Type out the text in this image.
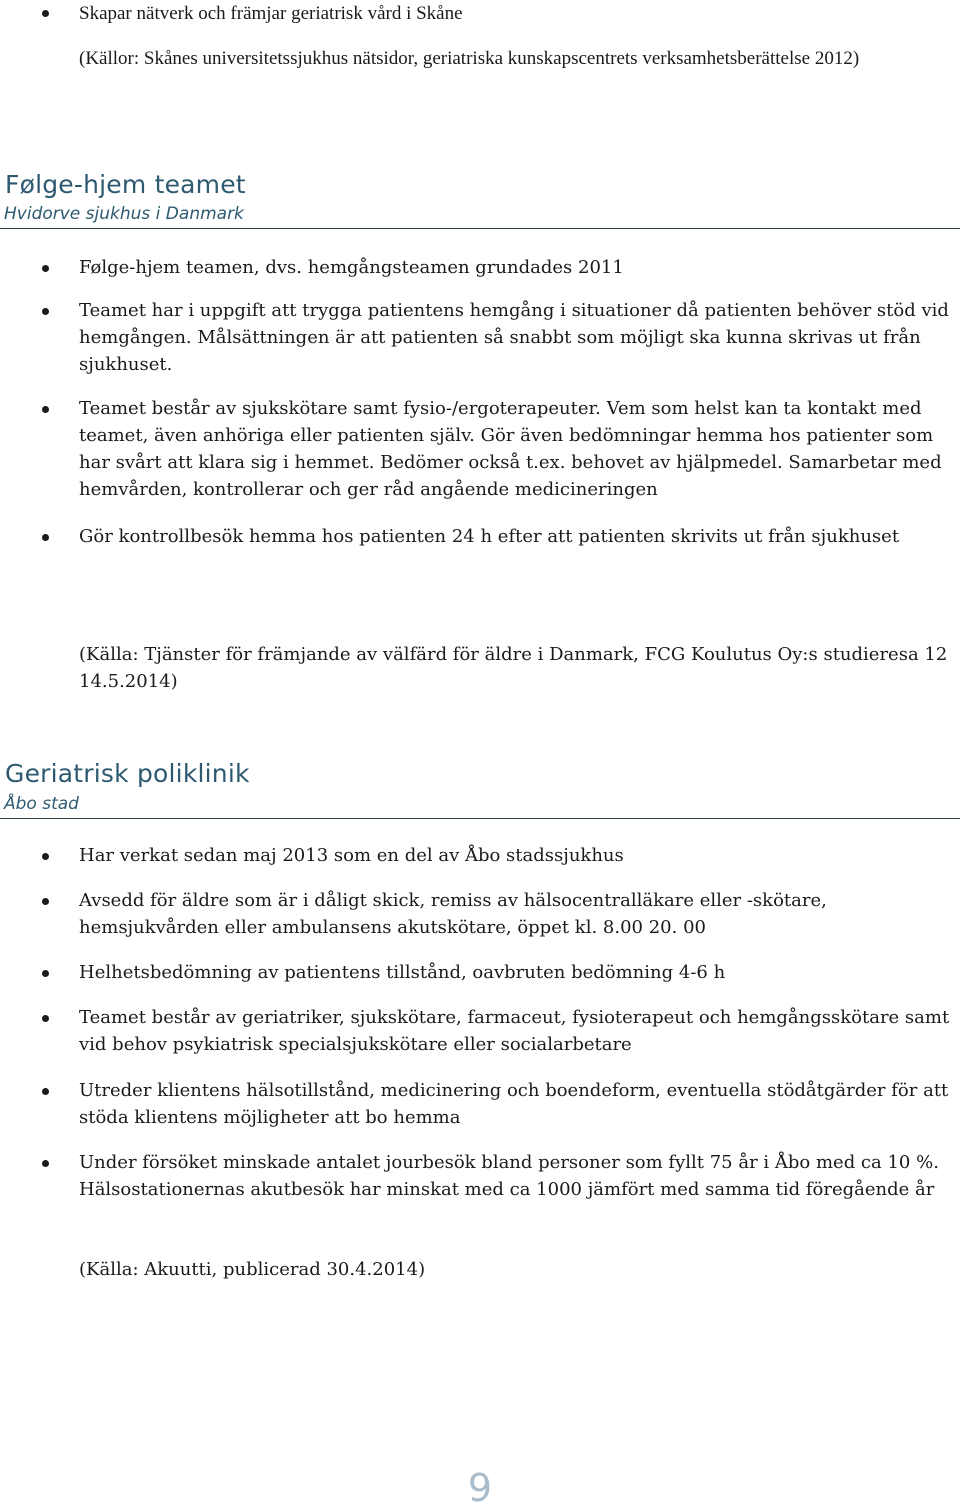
Skapar nätverk och främjar geriatrisk vård i Skåne

(Källor: Skånes universitetssjukhus nätsidor, geriatriska kunskapscentrets verksamhetsberättelse 2012)

Følge-hjem teamet
Hvidorve sjukhus i Danmark

Følge-hjem teamen, dvs. hemgångsteamen grundades 2011

Teamet har i uppgift att trygga patientens hemgång i situationer då patienten behöver stöd vid hemgången. Målsättningen är att patienten så snabbt som möjligt ska kunna skrivas ut från sjukhuset.

Teamet består av sjukskötare samt fysio-/ergoterapeuter. Vem som helst kan ta kontakt med teamet, även anhöriga eller patienten själv. Gör även bedömningar hemma hos patienter som har svårt att klara sig i hemmet. Bedömer också t.ex. behovet av hjälpmedel. Samarbetar med hemvården, kontrollerar och ger råd angående medicineringen

Gör kontrollbesök hemma hos patienten 24 h efter att patienten skrivits ut från sjukhuset

(Källa: Tjänster för främjande av välfärd för äldre i Danmark, FCG Koulutus Oy:s studieresa 12 14.5.2014)

Geriatrisk poliklinik
Åbo stad

Har verkat sedan maj 2013 som en del av Åbo stadssjukhus

Avsedd för äldre som är i dåligt skick, remiss av hälsocentralläkare eller -skötare, hemsjukvården eller ambulansens akutskötare, öppet kl. 8.00 20. 00

Helhetsbedömning av patientens tillstånd, oavbruten bedömning 4-6 h

Teamet består av geriatriker, sjukskötare, farmaceut, fysioterapeut och hemgångsskötare samt vid behov psykiatrisk specialsjukskötare eller socialarbetare

Utreder klientens hälsotillstånd, medicinering och boendeform, eventuella stödåtgärder för att stöda klientens möjligheter att bo hemma

Under försöket minskade antalet jourbesök bland personer som fyllt 75 år i Åbo med ca 10 %. Hälsostationernas akutbesök har minskat med ca 1000 jämfört med samma tid föregående år

(Källa: Akuutti, publicerad 30.4.2014)

9
